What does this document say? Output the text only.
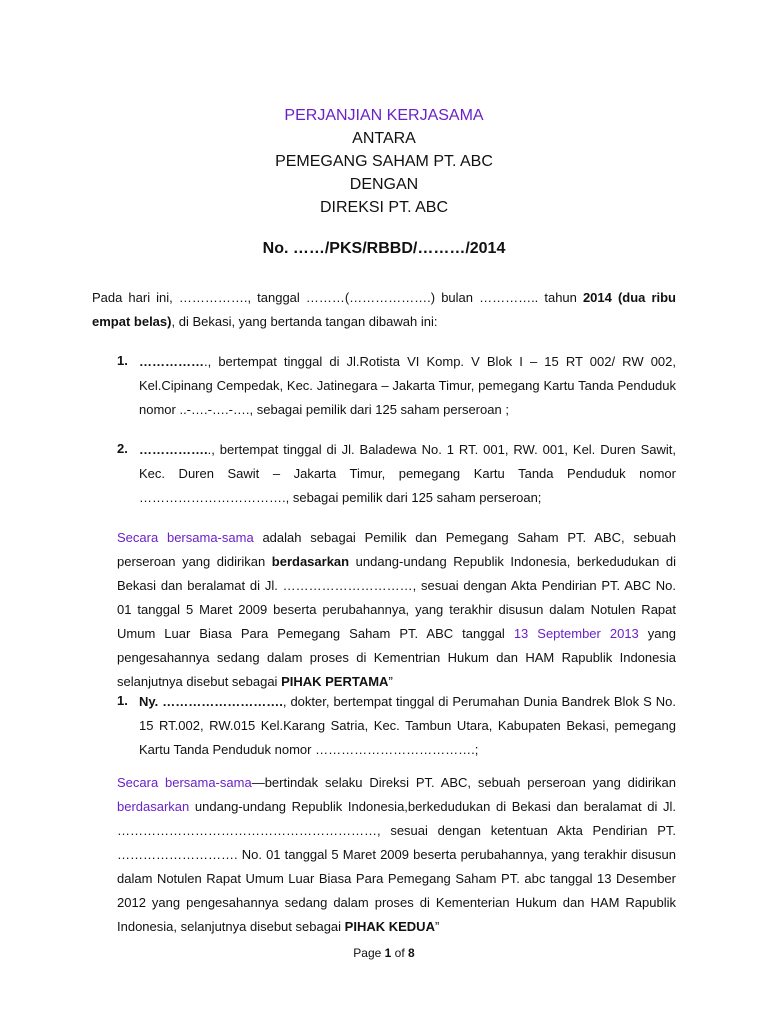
PERJANJIAN KERJASAMA
ANTARA
PEMEGANG SAHAM PT. ABC
DENGAN
DIREKSI PT. ABC
No. ……/PKS/RBBD/………/2014
Pada hari ini, ……………., tanggal ………(……………….) bulan ………….. tahun 2014 (dua ribu empat belas), di Bekasi, yang bertanda tangan dibawah ini:
1. ……………., bertempat tinggal di Jl.Rotista VI Komp. V Blok I – 15 RT 002/ RW 002, Kel.Cipinang Cempedak, Kec. Jatinegara – Jakarta Timur, pemegang Kartu Tanda Penduduk nomor ..-….-….-…., sebagai pemilik dari 125 saham perseroan ;
2. …………….., bertempat tinggal di Jl. Baladewa No. 1 RT. 001, RW. 001, Kel. Duren Sawit, Kec. Duren Sawit – Jakarta Timur, pemegang Kartu Tanda Penduduk nomor ……………………………., sebagai pemilik dari 125 saham perseroan;
Secara bersama-sama adalah sebagai Pemilik dan Pemegang Saham PT. ABC, sebuah perseroan yang didirikan berdasarkan undang-undang Republik Indonesia, berkedudukan di Bekasi dan beralamat di Jl. …………………………, sesuai dengan Akta Pendirian PT. ABC No. 01 tanggal 5 Maret 2009 beserta perubahannya, yang terakhir disusun dalam Notulen Rapat Umum Luar Biasa Para Pemegang Saham PT. ABC tanggal 13 September 2013 yang pengesahannya sedang dalam proses di Kementrian Hukum dan HAM Rapublik Indonesia selanjutnya disebut sebagai PIHAK PERTAMA”
1. Ny. ………………………., dokter, bertempat tinggal di Perumahan Dunia Bandrek Blok S No. 15 RT.002, RW.015 Kel.Karang Satria, Kec. Tambun Utara, Kabupaten Bekasi, pemegang Kartu Tanda Penduduk nomor ……………………………….;
Secara bersama-sama—bertindak selaku Direksi PT. ABC, sebuah perseroan yang didirikan berdasarkan undang-undang Republik Indonesia,berkedudukan di Bekasi dan beralamat di Jl. ……………………………………………………, sesuai dengan ketentuan Akta Pendirian PT. ………………………. No. 01 tanggal 5 Maret 2009 beserta perubahannya, yang terakhir disusun dalam Notulen Rapat Umum Luar Biasa Para Pemegang Saham PT. abc tanggal 13 Desember 2012 yang pengesahannya sedang dalam proses di Kementerian Hukum dan HAM Rapublik Indonesia, selanjutnya disebut sebagai PIHAK KEDUA”
Page 1 of 8
